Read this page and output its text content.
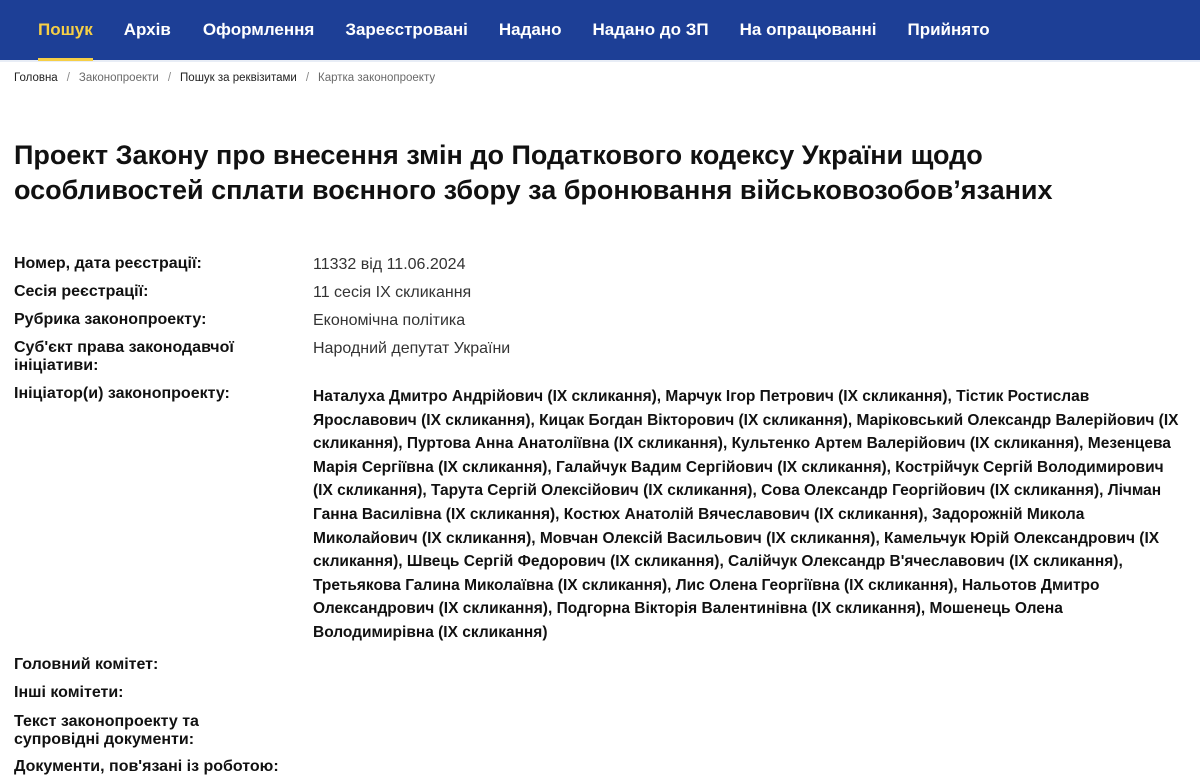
Пошук Архів Оформлення Зареєстровані Надано Надано до ЗП На опрацюванні Прийнято
Головна / Законопроекти / Пошук за реквізитами / Картка законопроекту
Проект Закону про внесення змін до Податкового кодексу України щодо особливостей сплати воєнного збору за бронювання військовозобов’язаних
Номер, дата реєстрації:	11332 від 11.06.2024
Сесія реєстрації:	11 сесія IX скликання
Рубрика законопроекту:	Економічна політика
Суб'єкт права законодавчої ініціативи:
Народний депутат України
Ініціатор(и) законопроекту:	Наталуха Дмитро Андрійович (IX скликання), Марчук Ігор Петрович (IX скликання), Тістик Ростислав Ярославович (IX скликання), Кицак Богдан Вікторович (IX скликання), Маріковський Олександр Валерійович (IX скликання), Пуртова Анна Анатоліївна (IX скликання), Культенко Артем Валерійович (IX скликання), Мезенцева Марія Сергіївна (IX скликання), Галайчук Вадим Сергійович (IX скликання), Кострійчук Сергій Володимирович (IX скликання), Тарута Сергій Олексійович (IX скликання), Сова Олександр Георгійович (IX скликання), Лічман Ганна Василівна (IX скликання), Костюх Анатолій Вячеславович (IX скликання), Задорожній Микола Миколайович (IX скликання), Мовчан Олексій Васильович (IX скликання), Камельчук Юрій Олександрович (IX скликання), Швець Сергій Федорович (IX скликання), Салійчук Олександр В'ячеславович (IX скликання), Третьякова Галина Миколаївна (IX скликання), Лис Олена Георгіївна (IX скликання), Нальотов Дмитро Олександрович (IX скликання), Подгорна Вікторія Валентинівна (IX скликання), Мошенець Олена Володимирівна (IX скликання)
Головний комітет:
Інші комітети:
Текст законопроекту та супровідні документи:
Документи, пов'язані із роботою:
